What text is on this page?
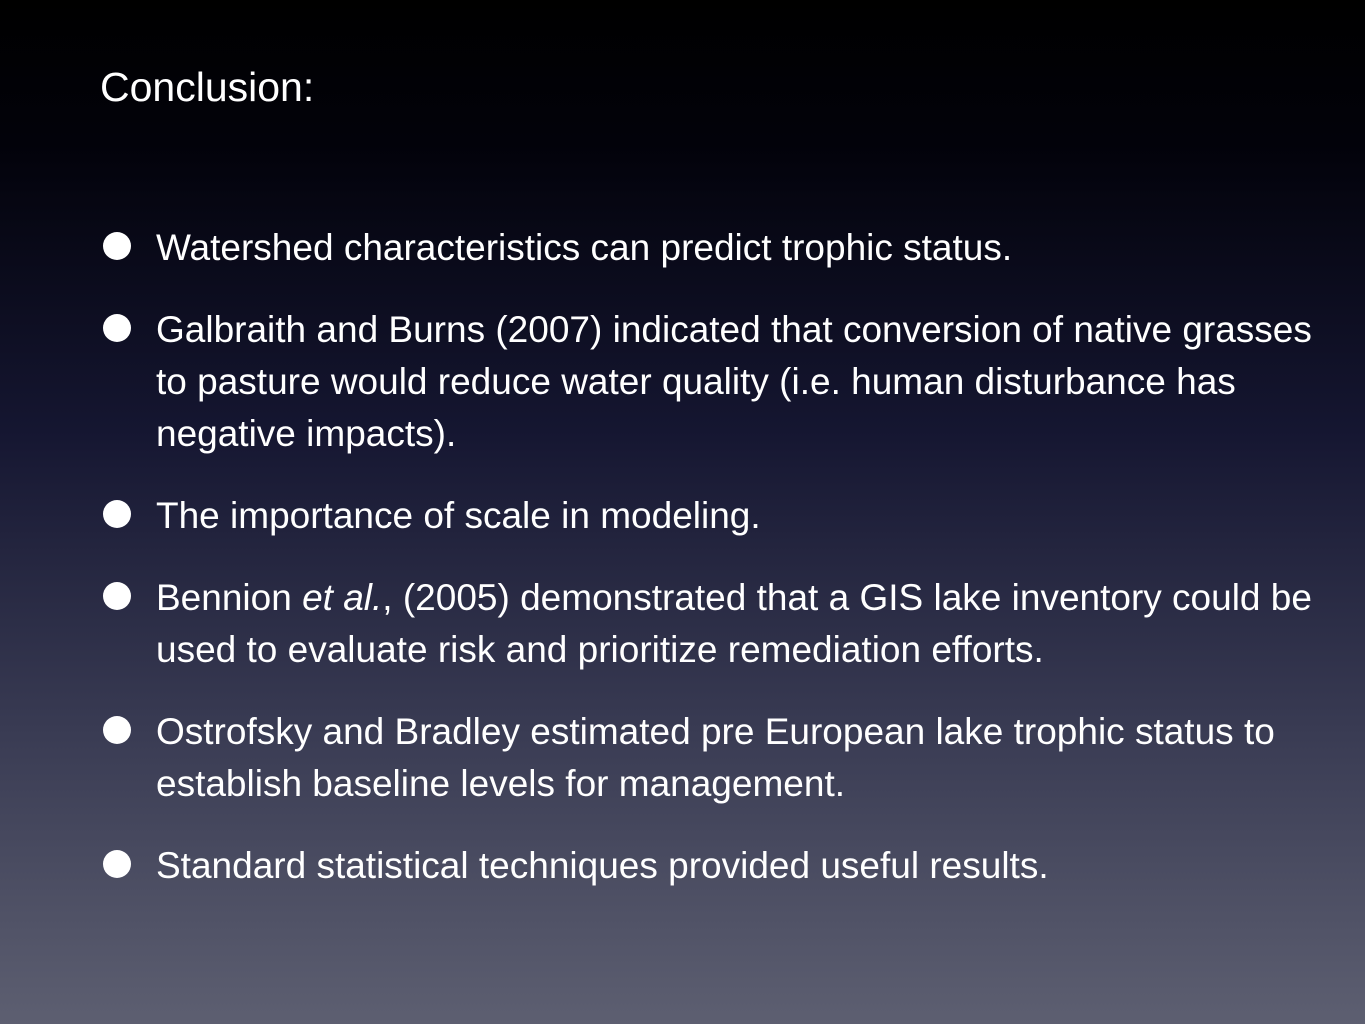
Conclusion:
Watershed characteristics can predict trophic status.
Galbraith and Burns (2007) indicated that conversion of native grasses to pasture would reduce water quality (i.e. human disturbance has negative impacts).
The importance of scale in modeling.
Bennion et al., (2005) demonstrated that a GIS lake inventory could be used to evaluate risk and prioritize remediation efforts.
Ostrofsky and Bradley estimated pre European lake trophic status to establish baseline levels for management.
Standard statistical techniques provided useful results.
